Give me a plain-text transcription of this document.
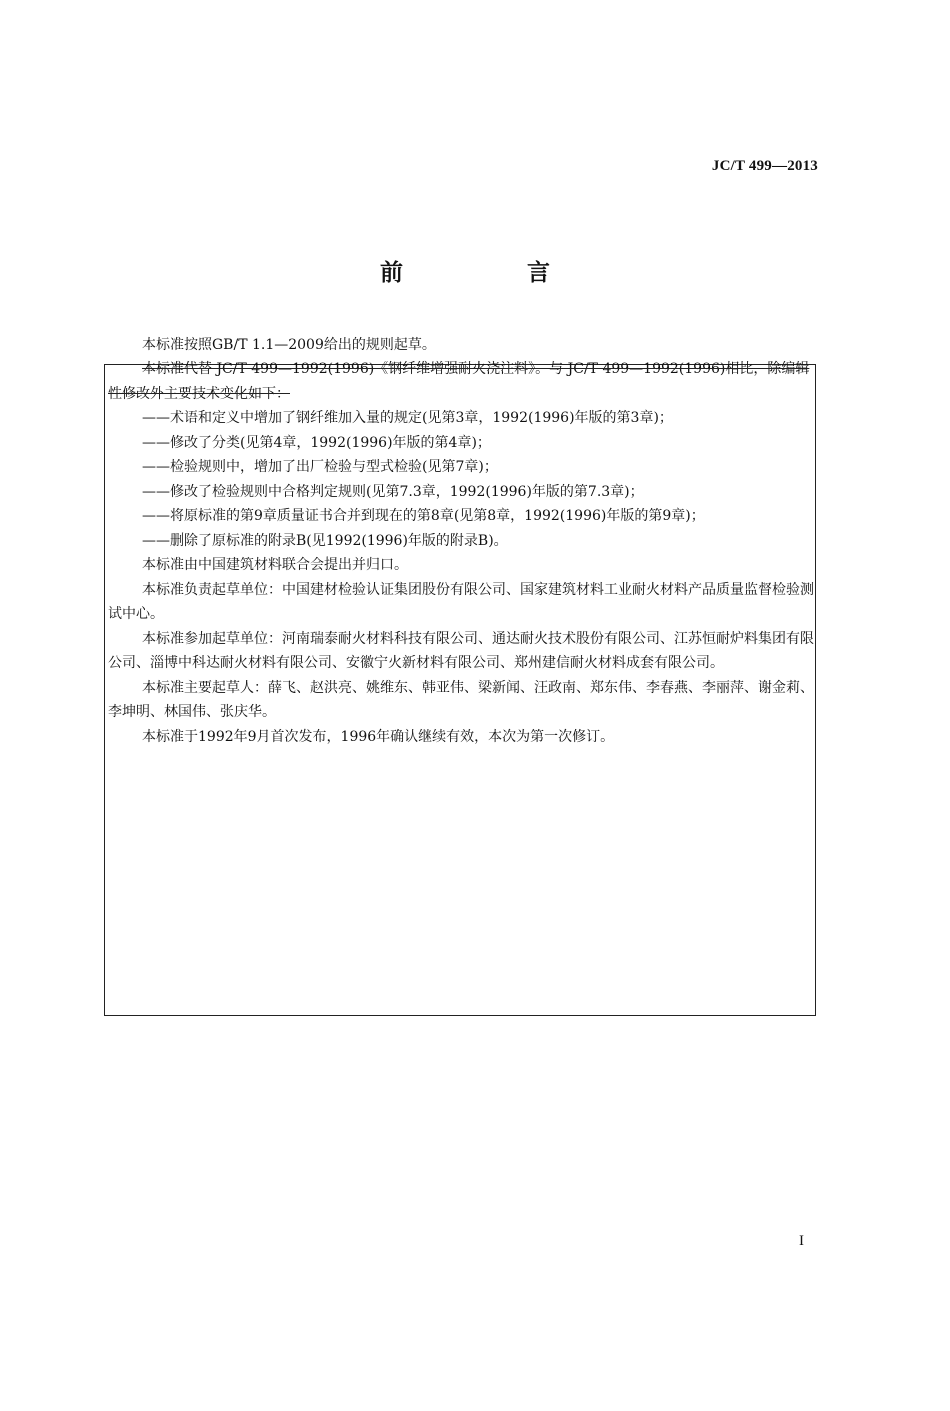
JC/T 499—2013
前 言
本标准按照GB/T 1.1—2009给出的规则起草。

本标准代替 JC/T 499—1992(1996)《钢纤维增强耐火浇注料》。与 JC/T 499—1992(1996)相比，除编辑性修改外主要技术变化如下：

——术语和定义中增加了钢纤维加入量的规定(见第3章，1992(1996)年版的第3章)；

——修改了分类(见第4章，1992(1996)年版的第4章)；

——检验规则中，增加了出厂检验与型式检验(见第7章)；

——修改了检验规则中合格判定规则(见第7.3章，1992(1996)年版的第7.3章)；

——将原标准的第9章质量证书合并到现在的第8章(见第8章，1992(1996)年版的第9章)；

——删除了原标准的附录B(见1992(1996)年版的附录B)。

本标准由中国建筑材料联合会提出并归口。

本标准负责起草单位：中国建材检验认证集团股份有限公司、国家建筑材料工业耐火材料产品质量监督检验测试中心。

本标准参加起草单位：河南瑞泰耐火材料科技有限公司、通达耐火技术股份有限公司、江苏恒耐炉料集团有限公司、淄博中科达耐火材料有限公司、安徽宁火新材料有限公司、郑州建信耐火材料成套有限公司。

本标准主要起草人：薛飞、赵洪亮、姚维东、韩亚伟、梁新闻、汪政南、郑东伟、李春燕、李丽萍、谢金莉、李坤明、林国伟、张庆华。

本标准于1992年9月首次发布，1996年确认继续有效，本次为第一次修订。

I
